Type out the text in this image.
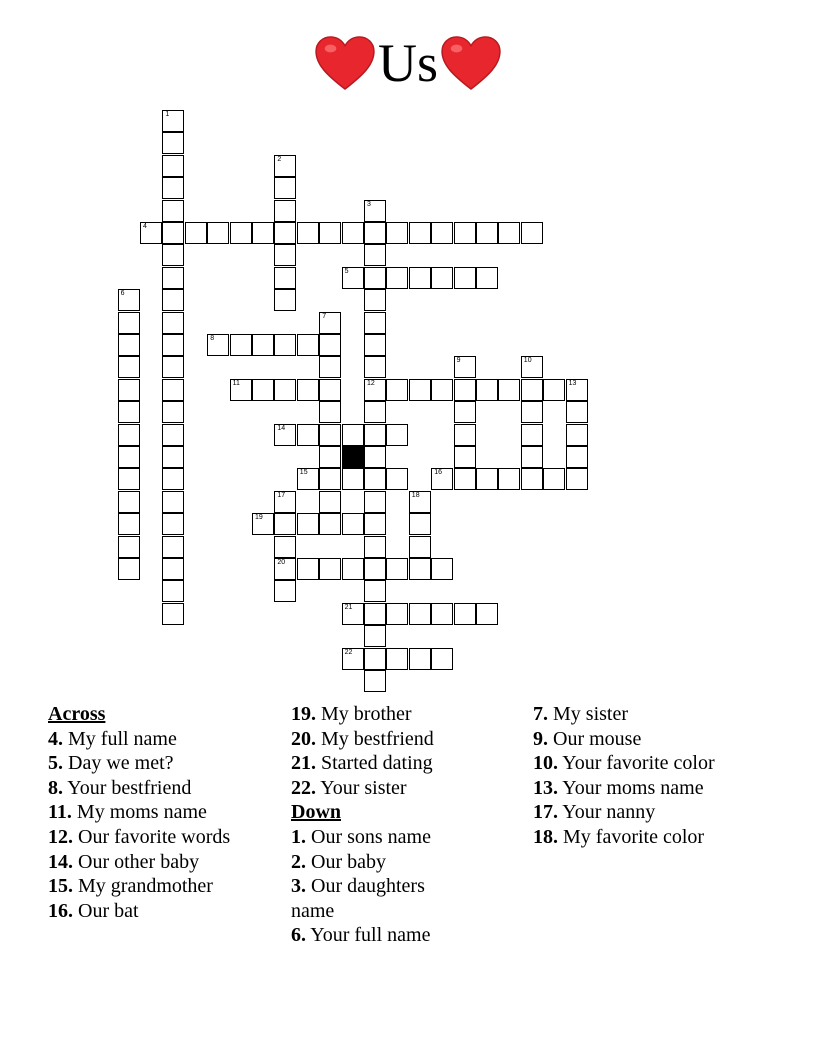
Us
1
2
3
12
4
5
6
7
8
9	10
11	13
14
15	16
17
20
18
19
21
22
Across
4. My full name
5. Day we met?
8. Your bestfriend
11. My moms name
12. Our favorite words
14. Our other baby
15. My grandmother
16. Our bat
19. My brother
20. My bestfriend
21. Started dating
22. Your sister
Down
1. Our sons name
2. Our baby
3. Our daughters name
6. Your full name
7. My sister
9. Our mouse
10. Your favorite color
13. Your moms name
17. Your nanny
18. My favorite color
